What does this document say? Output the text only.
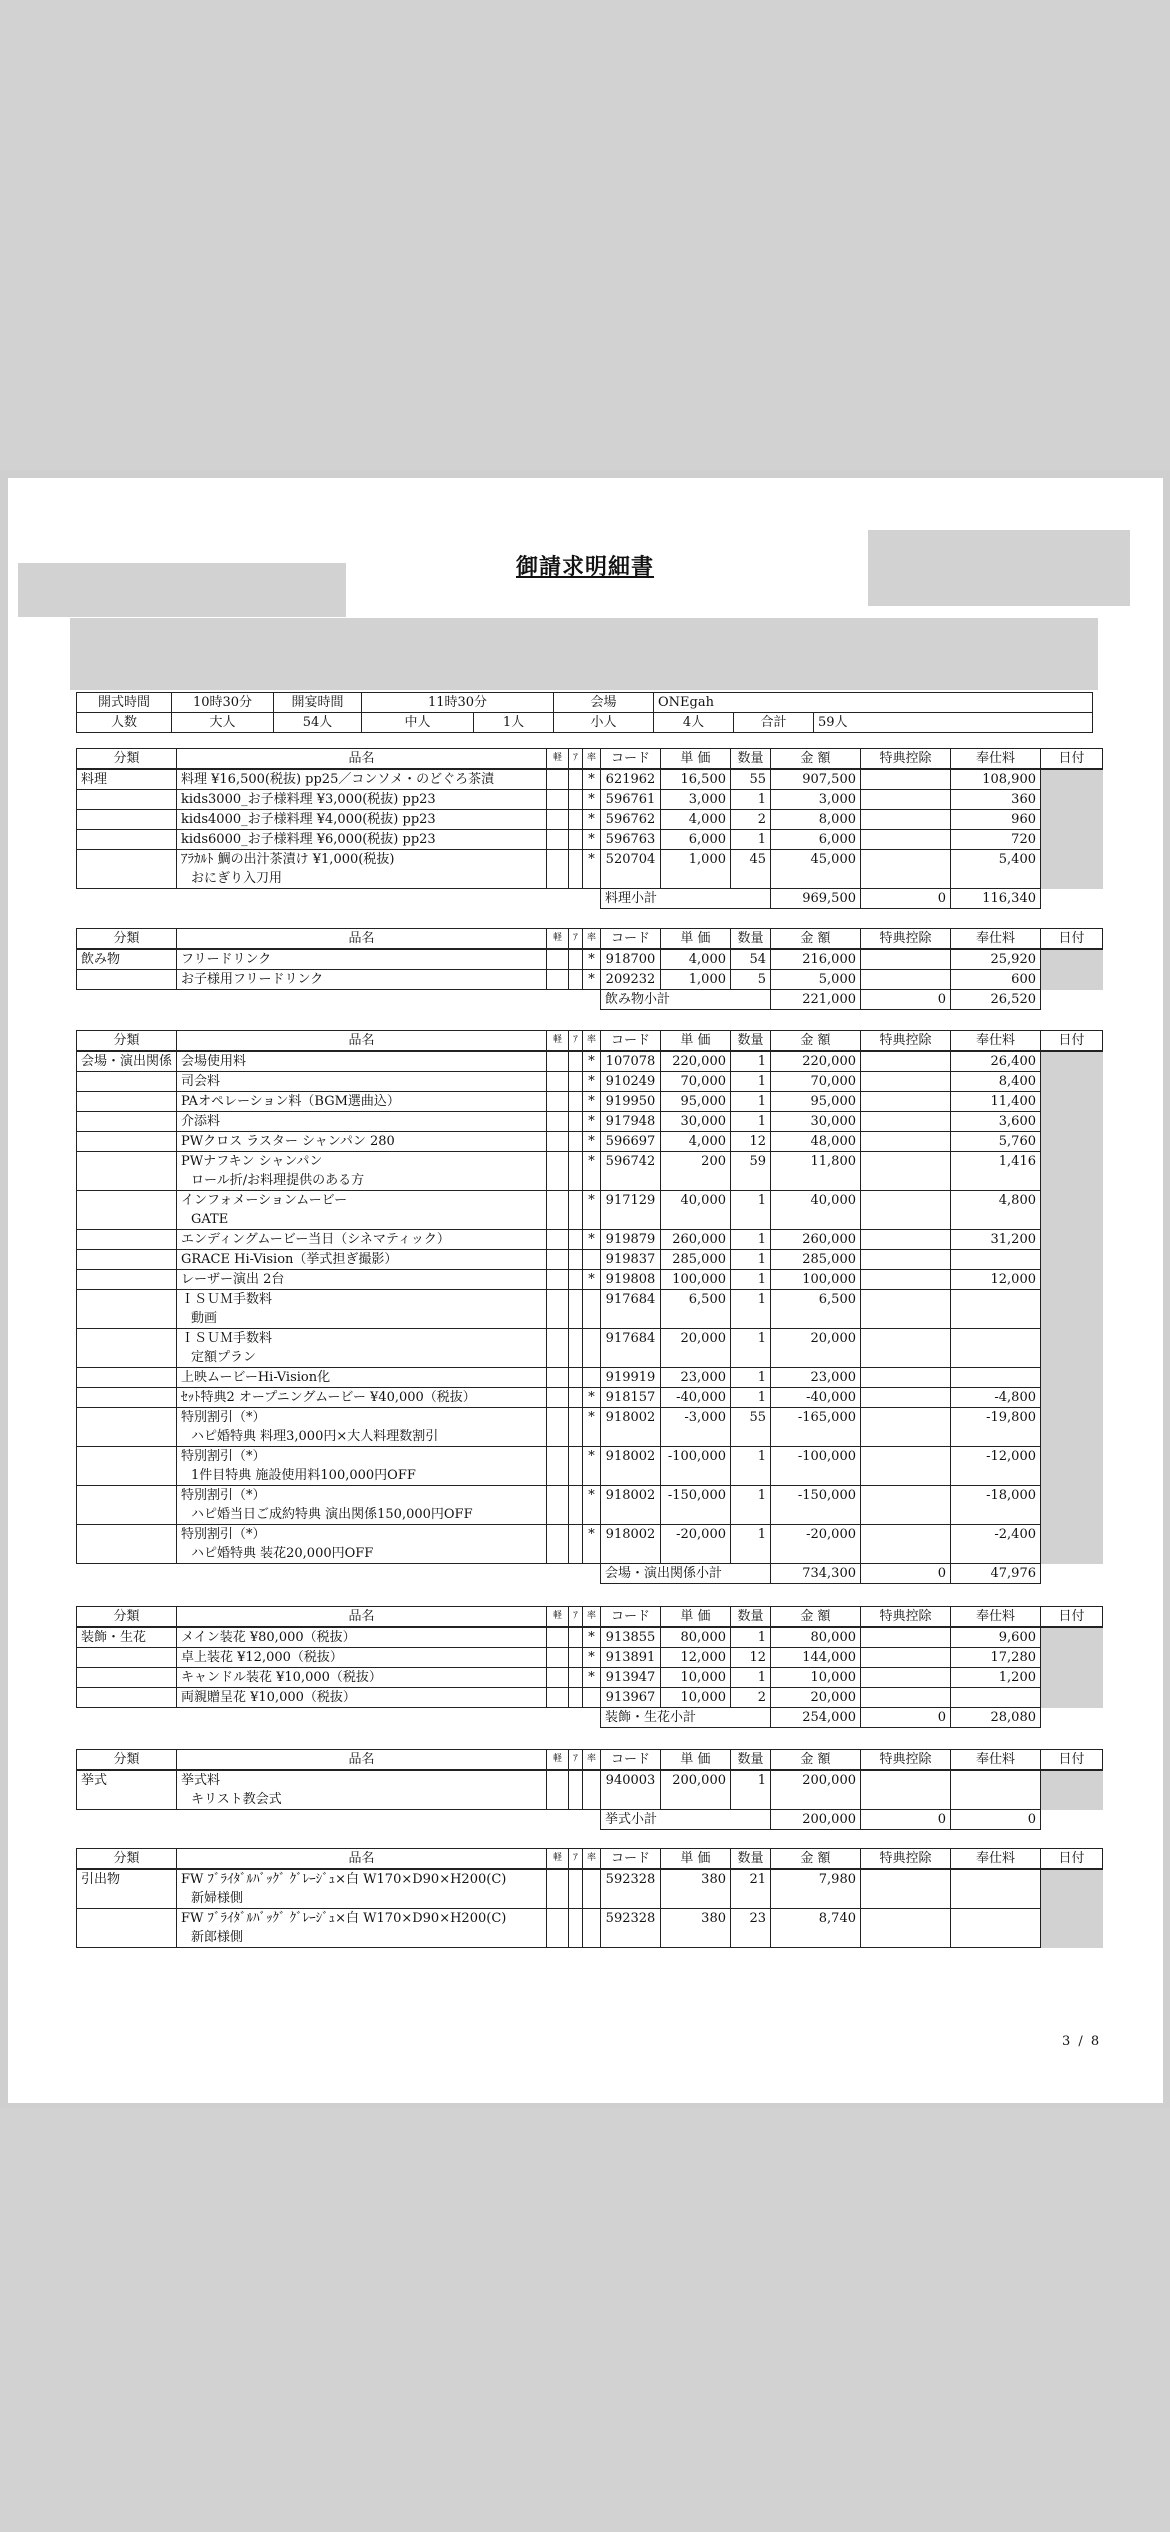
御請求明細書
開式時間	10時30分	開宴時間	11時30分		会場	ONEgah		
人数	大人	54人	中人	1人	小人	4人	合計	59人
分類	品名	軽	ｱ	率	コード	単 価	数量	金 額	特典控除	奉仕料	日付
料理	料理 ¥16,500(税抜) pp25／コンソメ・のどぐろ茶漬			*	621962	16,500	55	907,500		108,900	

	kids3000_お子様料理 ¥3,000(税抜) pp23			*	596761	3,000	1	3,000		360	

	kids4000_お子様料理 ¥4,000(税抜) pp23			*	596762	4,000	2	8,000		960	

	kids6000_お子様料理 ¥6,000(税抜) pp23			*	596763	6,000	1	6,000		720	

	ｱﾗｶﾙﾄ 鯛の出汁茶漬け ¥1,000(税抜)
おにぎり入刀用			*	520704	1,000	45	45,000		5,400	
					料理小計			969,500	0	116,340	
分類	品名	軽	ｱ	率	コード	単 価	数量	金 額	特典控除	奉仕料	日付
飲み物	フリードリンク			*	918700	4,000	54	216,000		25,920	

	お子様用フリードリンク			*	209232	1,000	5	5,000		600	
					飲み物小計			221,000	0	26,520	
分類	品名	軽	ｱ	率	コード	単 価	数量	金 額	特典控除	奉仕料	日付
会場・演出関係	会場使用料			*	107078	220,000	1	220,000		26,400	

	司会料			*	910249	70,000	1	70,000		8,400	

	PAオペレーション料（BGM選曲込）			*	919950	95,000	1	95,000		11,400	

	介添料			*	917948	30,000	1	30,000		3,600	

	PWクロス ラスター シャンパン 280			*	596697	4,000	12	48,000		5,760	

	PWナフキン シャンパン
ロール折/お料理提供のある方			*	596742	200	59	11,800		1,416	

	インフォメーションムービー
GATE			*	917129	40,000	1	40,000		4,800	

	エンディングムービー当日（シネマティック）			*	919879	260,000	1	260,000		31,200	

	GRACE Hi-Vision（挙式担ぎ撮影）				919837	285,000	1	285,000			

	レーザー演出 2台			*	919808	100,000	1	100,000		12,000	

	ＩＳＵＭ手数料
動画				917684	6,500	1	6,500			

	ＩＳＵＭ手数料
定額プラン				917684	20,000	1	20,000			

	上映ムービーHi-Vision化				919919	23,000	1	23,000			

	ｾｯﾄ特典2 オープニングムービー ¥40,000（税抜）			*	918157	-40,000	1	-40,000		-4,800	

	特別割引（*）
ハピ婚特典 料理3,000円×大人料理数割引			*	918002	-3,000	55	-165,000		-19,800	

	特別割引（*）
1件目特典 施設使用料100,000円OFF			*	918002	-100,000	1	-100,000		-12,000	

	特別割引（*）
ハピ婚当日ご成約特典 演出関係150,000円OFF			*	918002	-150,000	1	-150,000		-18,000	

	特別割引（*）
ハピ婚特典 装花20,000円OFF			*	918002	-20,000	1	-20,000		-2,400	
					会場・演出関係小計			734,300	0	47,976	
分類	品名	軽	ｱ	率	コード	単 価	数量	金 額	特典控除	奉仕料	日付
装飾・生花	メイン装花 ¥80,000（税抜）			*	913855	80,000	1	80,000		9,600	

	卓上装花 ¥12,000（税抜）			*	913891	12,000	12	144,000		17,280	

	キャンドル装花 ¥10,000（税抜）			*	913947	10,000	1	10,000		1,200	

	両親贈呈花 ¥10,000（税抜）				913967	10,000	2	20,000			
					装飾・生花小計			254,000	0	28,080	
分類	品名	軽	ｱ	率	コード	単 価	数量	金 額	特典控除	奉仕料	日付
挙式	挙式料
キリスト教会式				940003	200,000	1	200,000			
					挙式小計			200,000	0	0	
分類	品名	軽	ｱ	率	コード	単 価	数量	金 額	特典控除	奉仕料	日付
引出物	FW ﾌﾞﾗｲﾀﾞﾙﾊﾞｯｸﾞ ｸﾞﾚｰｼﾞｭ×白 W170×D90×H200(C)
新婦様側				592328	380	21	7,980			

	FW ﾌﾞﾗｲﾀﾞﾙﾊﾞｯｸﾞ ｸﾞﾚｰｼﾞｭ×白 W170×D90×H200(C)
新郎様側				592328	380	23	8,740			
3 / 8
